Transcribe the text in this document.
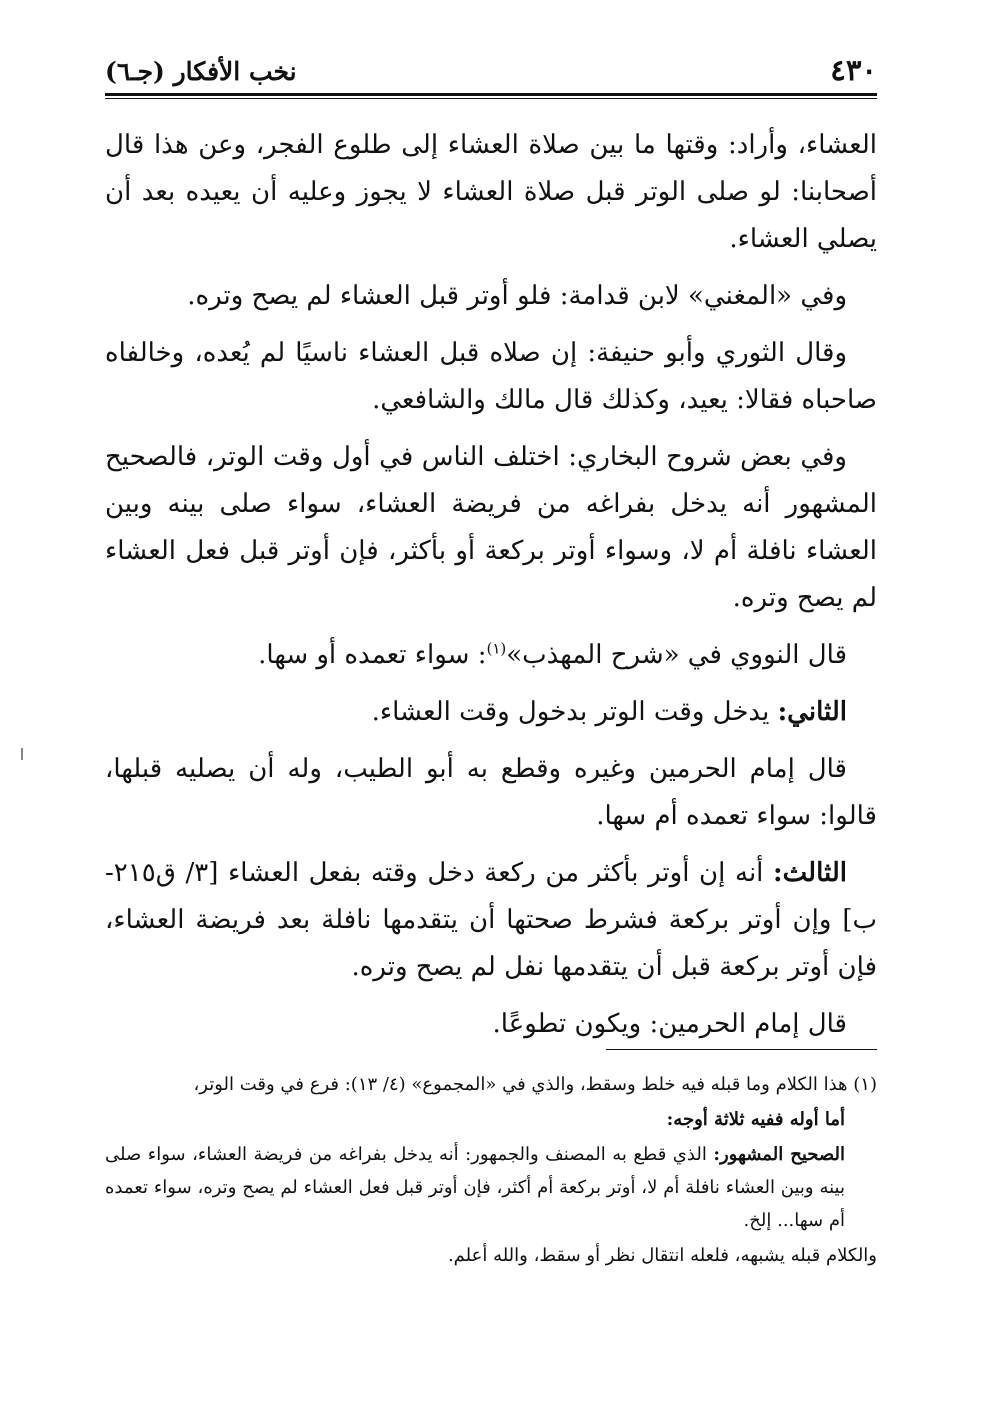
٤٣٠
نخب الأفكار (جـ٦)

العشاء، وأراد: وقتها ما بين صلاة العشاء إلى طلوع الفجر، وعن هذا قال أصحابنا: لو صلى الوتر قبل صلاة العشاء لا يجوز وعليه أن يعيده بعد أن يصلي العشاء.

وفي «المغني» لابن قدامة: فلو أوتر قبل العشاء لم يصح وتره.

وقال الثوري وأبو حنيفة: إن صلاه قبل العشاء ناسيًا لم يُعده، وخالفاه صاحباه فقالا: يعيد، وكذلك قال مالك والشافعي.

وفي بعض شروح البخاري: اختلف الناس في أول وقت الوتر، فالصحيح المشهور أنه يدخل بفراغه من فريضة العشاء، سواء صلى بينه وبين العشاء نافلة أم لا، وسواء أوتر بركعة أو بأكثر، فإن أوتر قبل فعل العشاء لم يصح وتره.

قال النووي في «شرح المهذب»$^{(١)}$: سواء تعمده أو سها.

الثاني: يدخل وقت الوتر بدخول وقت العشاء.

قال إمام الحرمين وغيره وقطع به أبو الطيب، وله أن يصليه قبلها، قالوا: سواء تعمده أم سها.

الثالث: أنه إن أوتر بأكثر من ركعة دخل وقته بفعل العشاء [٣/ ق٢١٥-ب] وإن أوتر بركعة فشرط صحتها أن يتقدمها نافلة بعد فريضة العشاء، فإن أوتر بركعة قبل أن يتقدمها نفل لم يصح وتره.

قال إمام الحرمين: ويكون تطوعًا.

(١) هذا الكلام وما قبله فيه خلط وسقط، والذي في «المجموع» (٤/ ١٣): فرع في وقت الوتر،

أما أوله ففيه ثلاثة أوجه:

الصحيح المشهور: الذي قطع به المصنف والجمهور: أنه يدخل بفراغه من فريضة العشاء، سواء صلى بينه وبين العشاء نافلة أم لا، أوتر بركعة أم أكثر، فإن أوتر قبل فعل العشاء لم يصح وتره، سواء تعمده أم سها... إلخ.

والكلام قبله يشبهه، فلعله انتقال نظر أو سقط، والله أعلم.
